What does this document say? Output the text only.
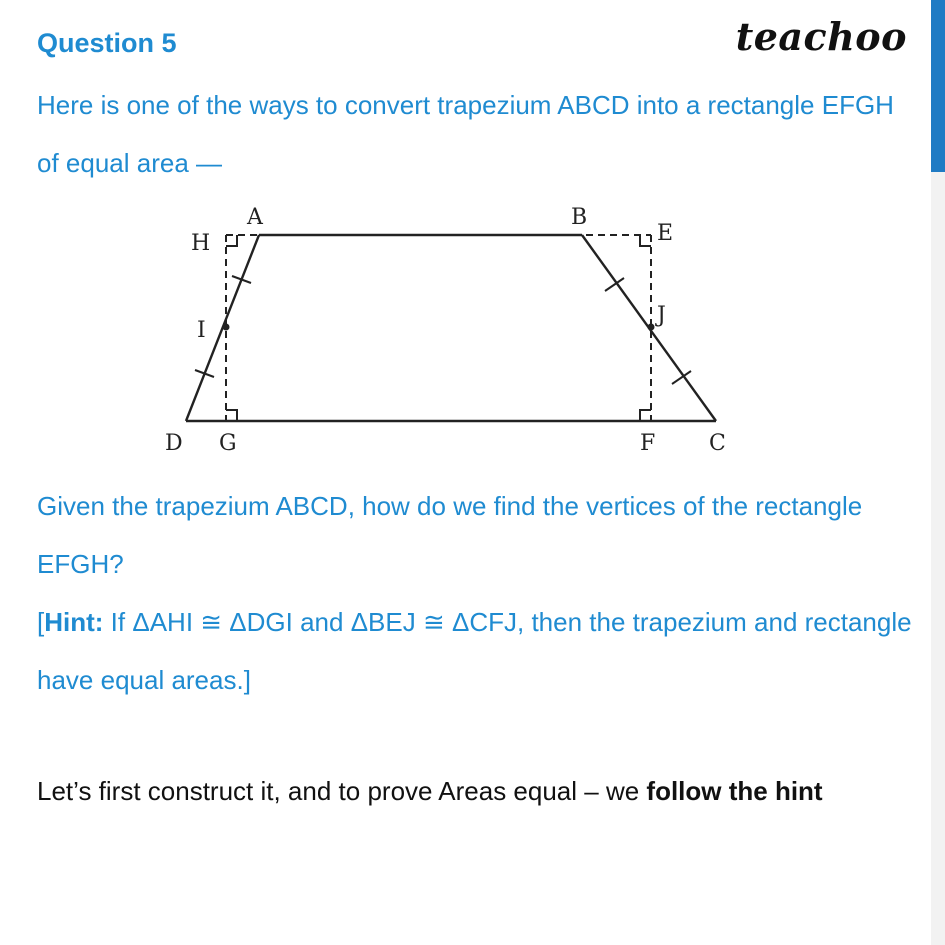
Question 5	teachoo
Here is one of the ways to convert trapezium ABCD into a rectangle EFGH of equal area —
A	B
E
H
I
J
D G	F C
Given the trapezium ABCD, how do we find the vertices of the rectangle EFGH?
[Hint: If ΔAHI ≅ ΔDGI and ΔBEJ ≅ ΔCFJ, then the trapezium and rectangle have equal areas.]
Let’s first construct it, and to prove Areas equal – we follow the hint
